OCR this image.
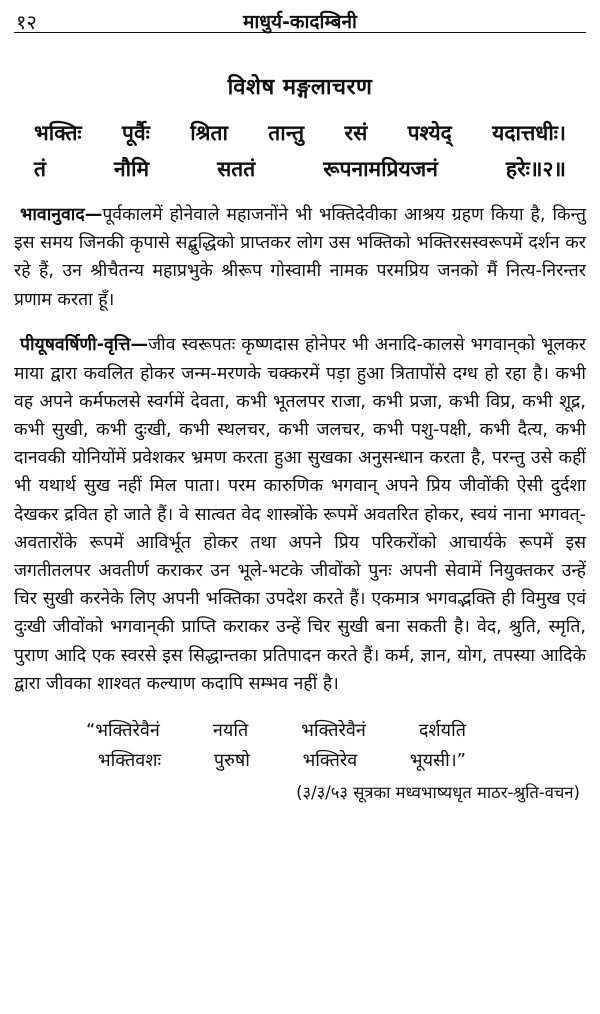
१२	माधुर्य-कादम्बिनी
विशेष मङ्गलाचरण
भक्तिः पूर्वैः श्रिता तान्तु रसं पश्येद् यदात्तधीः।
तं	नौमि	सततं	रूपनामप्रियजनं	हरेः॥२॥

भावानुवाद—पूर्वकालमें होनेवाले महाजनोंने भी भक्तिदेवीका आश्रय ग्रहण किया है, किन्तु इस समय जिनकी कृपासे सद्बुद्धिको प्राप्तकर लोग उस भक्तिको भक्तिरसस्वरूपमें दर्शन कर रहे हैं, उन श्रीचैतन्य महाप्रभुके श्रीरूप गोस्वामी नामक परमप्रिय जनको मैं नित्य-निरन्तर प्रणाम करता हूँ।

पीयूषवर्षिणी-वृत्ति—जीव स्वरूपतः कृष्णदास होनेपर भी अनादि-कालसे भगवान्‌को भूलकर माया द्वारा कवलित होकर जन्म-मरणके चक्करमें पड़ा हुआ त्रितापोंसे दग्ध हो रहा है। कभी वह अपने कर्मफलसे स्वर्गमें देवता, कभी भूतलपर राजा, कभी प्रजा, कभी विप्र, कभी शूद्र, कभी सुखी, कभी दुःखी, कभी स्थलचर, कभी जलचर, कभी पशु-पक्षी, कभी दैत्य, कभी दानवकी योनियोंमें प्रवेशकर भ्रमण करता हुआ सुखका अनुसन्धान करता है, परन्तु उसे कहीं भी यथार्थ सुख नहीं मिल पाता। परम कारुणिक भगवान् अपने प्रिय जीवोंकी ऐसी दुर्दशा देखकर द्रवित हो जाते हैं। वे सात्वत वेद शास्त्रोंके रूपमें अवतरित होकर, स्वयं नाना भगवत्-अवतारोंके रूपमें आविर्भूत होकर तथा अपने प्रिय परिकरोंको आचार्यके रूपमें इस जगतीतलपर अवतीर्ण कराकर उन भूले-भटके जीवोंको पुनः अपनी सेवामें नियुक्तकर उन्हें चिर सुखी करनेके लिए अपनी भक्तिका उपदेश करते हैं। एकमात्र भगवद्भक्ति ही विमुख एवं दुःखी जीवोंको भगवान्‌की प्राप्ति कराकर उन्हें चिर सुखी बना सकती है। वेद, श्रुति, स्मृति, पुराण आदि एक स्वरसे इस सिद्धान्तका प्रतिपादन करते हैं। कर्म, ज्ञान, योग, तपस्या आदिके द्वारा जीवका शाश्वत कल्याण कदापि सम्भव नहीं है।

“भक्तिरेवैनं	नयति	भक्तिरेवैनं	दर्शयति
भक्तिवशः	पुरुषो	भक्तिरेव	भूयसी।”
(३/३/५३ सूत्रका मध्वभाष्यधृत माठर-श्रुति-वचन)
